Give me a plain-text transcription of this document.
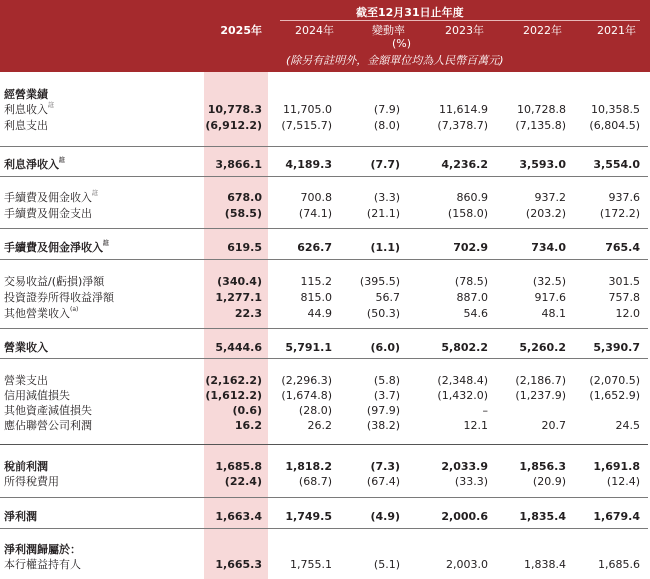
截至12月31日止年度
2025年	2024年	變動率
(%)
2023年	2022年	2021年
(除另有註明外，金額單位均為人民幣百萬元)
經營業績
利息收入$^註$	10,778.3	11,705.0	(7.9)	11,614.9	10,728.8	10,358.5
利息支出	(6,912.2)	(7,515.7)	(8.0)	(7,378.7)	(7,135.8)	(6,804.5)
利息淨收入$^註$	3,866.1	4,189.3	(7.7)	4,236.2	3,593.0	3,554.0
手續費及佣金收入$^註$	678.0	700.8	(3.3)	860.9	937.2	937.6
手續費及佣金支出	(58.5)	(74.1)	(21.1)	(158.0)	(203.2)	(172.2)
手續費及佣金淨收入$^註$	619.5	626.7	(1.1)	702.9	734.0	765.4
交易收益/(虧損)淨額	(340.4)	115.2	(395.5)	(78.5)	(32.5)	301.5
投資證券所得收益淨額	1,277.1	815.0	56.7	887.0	917.6	757.8
其他營業收入$^{(a)}$	22.3	44.9	(50.3)	54.6	48.1	12.0
營業收入	5,444.6	5,791.1	(6.0)	5,802.2	5,260.2	5,390.7
營業支出	(2,162.2)	(2,296.3)	(5.8)	(2,348.4)	(2,186.7)	(2,070.5)
信用減值損失	(1,612.2)	(1,674.8)	(3.7)	(1,432.0)	(1,237.9)	(1,652.9)
其他資產減值損失	(0.6)	(28.0)	(97.9)	–
應佔聯營公司利潤	16.2	26.2	(38.2)	12.1	20.7	24.5
稅前利潤	1,685.8	1,818.2	(7.3)	2,033.9	1,856.3	1,691.8
所得稅費用	(22.4)	(68.7)	(67.4)	(33.3)	(20.9)	(12.4)
淨利潤	1,663.4	1,749.5	(4.9)	2,000.6	1,835.4	1,679.4
淨利潤歸屬於：
本行權益持有人	1,665.3	1,755.1	(5.1)	2,003.0	1,838.4	1,685.6
